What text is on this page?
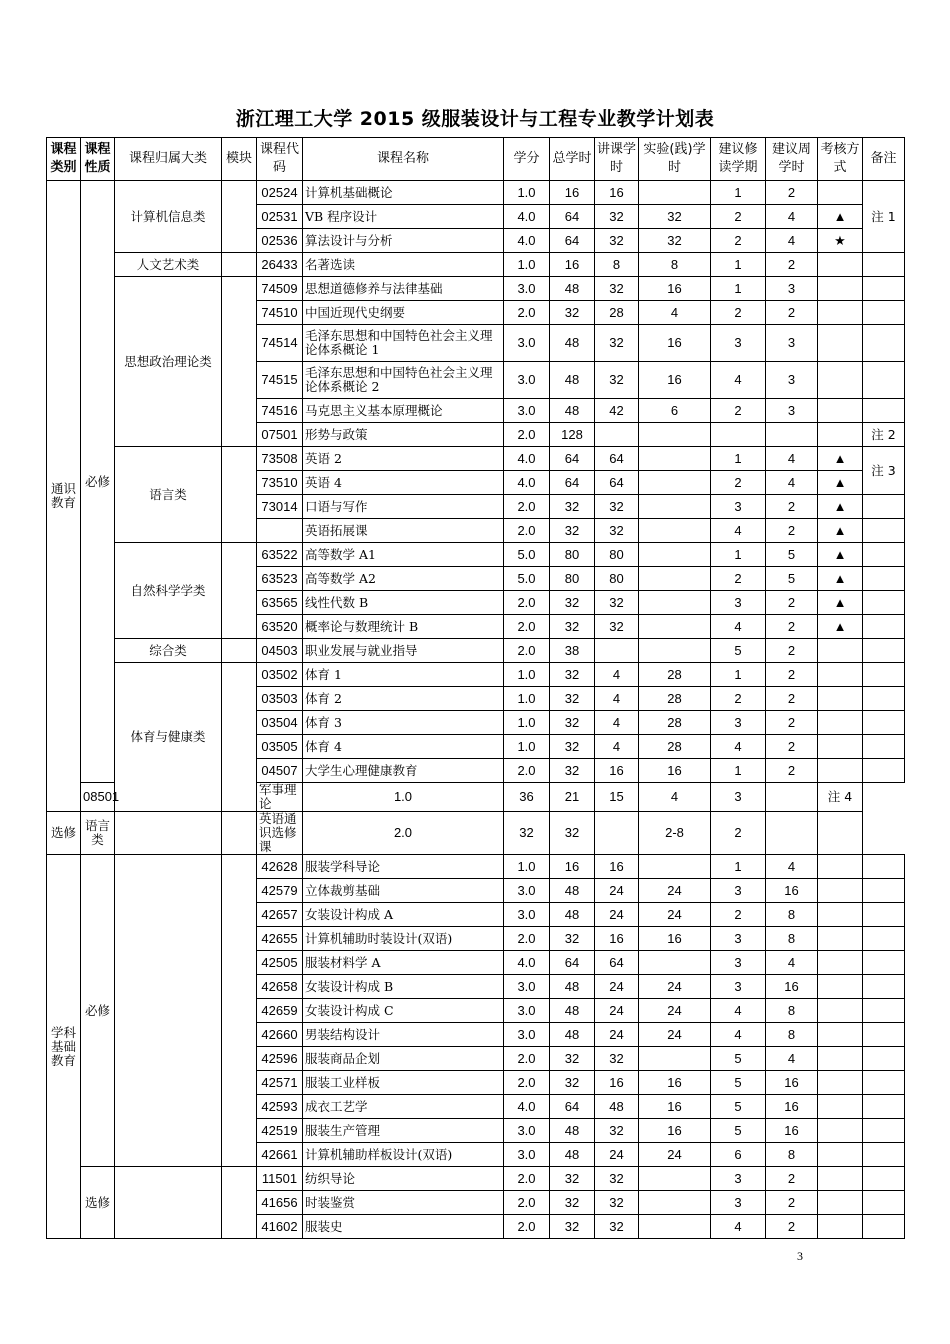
浙江理工大学 2015 级服装设计与工程专业教学计划表
课程类别	课程性质	课程归属大类	模块	课程代码	课程名称	学分	总学时	讲课学时	实验(践)学时	建议修读学期	建议周学时	考核方式	备注
通识教育	必修	计算机信息类		02524	计算机基础概论	1.0	16	16		1	2		注 1
				02531	VB 程序设计	4.0	64	32	32	2	4	▲	
				02536	算法设计与分析	4.0	64	32	32	2	4	★	
		人文艺术类		26433	名著选读	1.0	16	8	8	1	2		
		思想政治理论类		74509	思想道德修养与法律基础	3.0	48	32	16	1	3		
				74510	中国近现代史纲要	2.0	32	28	4	2	2		
				74514	毛泽东思想和中国特色社会主义理论体系概论 1	3.0	48	32	16	3	3		
				74515	毛泽东思想和中国特色社会主义理论体系概论 2	3.0	48	32	16	4	3		
				74516	马克思主义基本原理概论	3.0	48	42	6	2	3		
				07501	形势与政策	2.0	128						注 2
		语言类		73508	英语 2	4.0	64	64		1	4	▲	注 3
				73510	英语 4	4.0	64	64		2	4	▲	
				73014	口语与写作	2.0	32	32		3	2	▲	
					英语拓展课	2.0	32	32		4	2	▲	
		自然科学学类		63522	高等数学 A1	5.0	80	80		1	5	▲	
				63523	高等数学 A2	5.0	80	80		2	5	▲	
				63565	线性代数 B	2.0	32	32		3	2	▲	
				63520	概率论与数理统计 B	2.0	32	32		4	2	▲	
		综合类		04503	职业发展与就业指导	2.0	38			5	2		
		体育与健康类		03502	体育 1	1.0	32	4	28	1	2		
				03503	体育 2	1.0	32	4	28	2	2		
				03504	体育 3	1.0	32	4	28	3	2		
				03505	体育 4	1.0	32	4	28	4	2		
				04507	大学生心理健康教育	2.0	32	16	16	1	2		
	08501			军事理论	1.0	36	21	15	4	3		注 4	
选修	语言类			英语通识选修课	2.0	32	32		2-8	2			
学科基础教育	必修			42628	服装学科导论	1.0	16	16		1	4		
				42579	立体裁剪基础	3.0	48	24	24	3	16		
				42657	女装设计构成 A	3.0	48	24	24	2	8		
				42655	计算机辅助时装设计(双语)	2.0	32	16	16	3	8		
				42505	服装材料学 A	4.0	64	64		3	4		
				42658	女装设计构成 B	3.0	48	24	24	3	16		
				42659	女装设计构成 C	3.0	48	24	24	4	8		
				42660	男装结构设计	3.0	48	24	24	4	8		
				42596	服装商品企划	2.0	32	32		5	4		
				42571	服装工业样板	2.0	32	16	16	5	16		
				42593	成衣工艺学	4.0	64	48	16	5	16		
				42519	服装生产管理	3.0	48	32	16	5	16		
				42661	计算机辅助样板设计(双语)	3.0	48	24	24	6	8		
	选修			11501	纺织导论	2.0	32	32		3	2		
				41656	时装鉴赏	2.0	32	32		3	2		
				41602	服装史	2.0	32	32		4	2		
3
